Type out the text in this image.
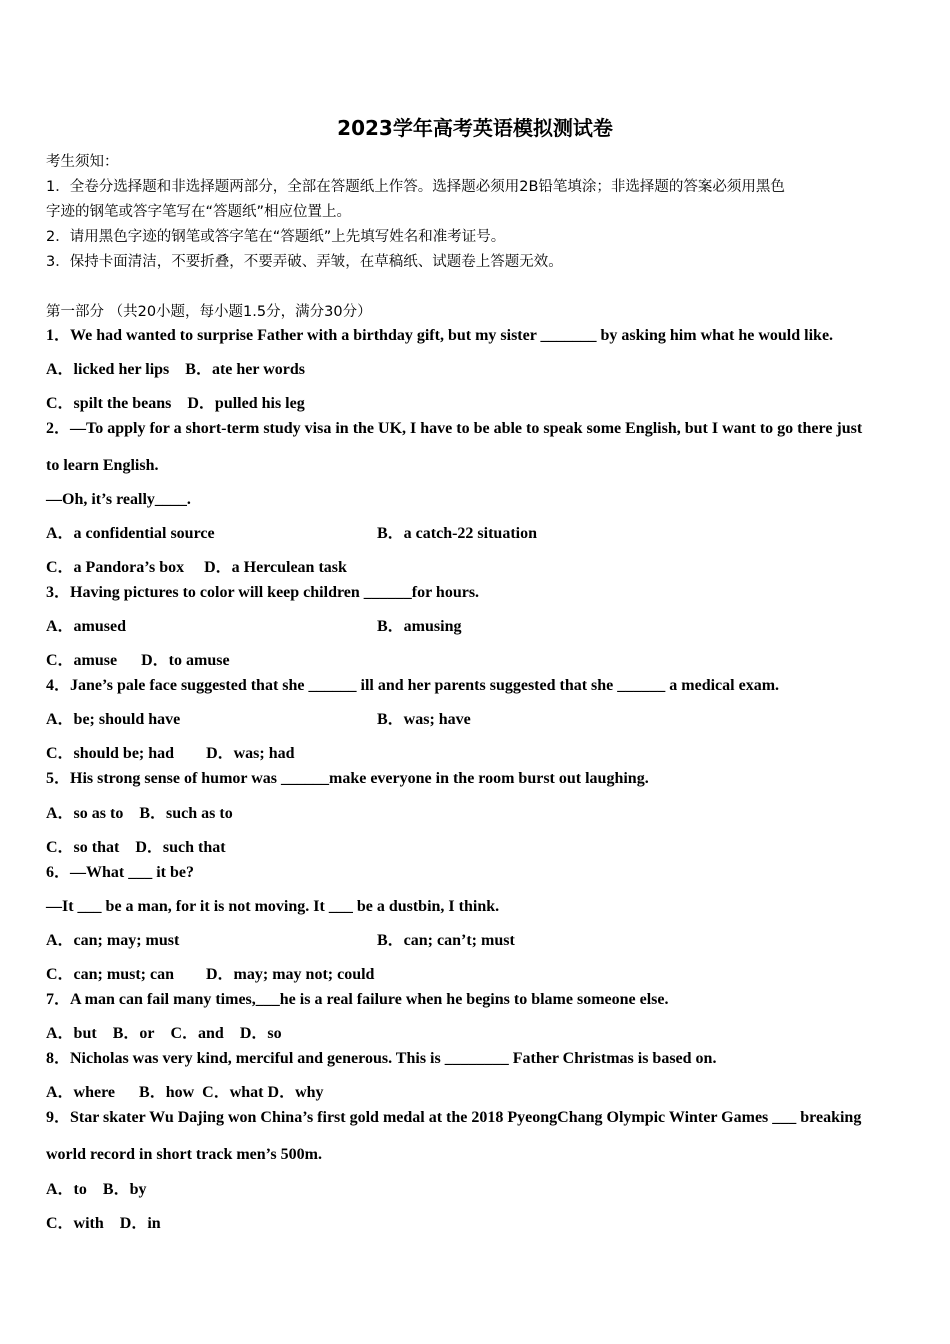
2023学年高考英语模拟测试卷
考生须知：
1．全卷分选择题和非选择题两部分，全部在答题纸上作答。选择题必须用2B铅笔填涂；非选择题的答案必须用黑色
字迹的钢笔或答字笔写在“答题纸”相应位置上。
2．请用黑色字迹的钢笔或答字笔在“答题纸”上先填写姓名和准考证号。
3．保持卡面清洁，不要折叠，不要弄破、弄皱，在草稿纸、试题卷上答题无效。
第一部分 （共20小题，每小题1.5分，满分30分）
1．We had wanted to surprise Father with a birthday gift, but my sister _______ by asking him what he would like.
A．licked her lips B．ate her words
C．spilt the beans D．pulled his leg
2．—To apply for a short-term study visa in the UK, I have to be able to speak some English, but I want to go there just
to learn English.
—Oh, it’s really____.
A．a confidential source	B．a catch-22 situation
C．a Pandora’s box D．a Herculean task
3．Having pictures to color will keep children ______for hours.
A．amused	B．amusing
C．amuse D．to amuse
4．Jane’s pale face suggested that she ______ ill and her parents suggested that she ______ a medical exam.
A．be; should have	B．was; have
C．should be; had D．was; had
5．His strong sense of humor was ______make everyone in the room burst out laughing.
A．so as to B．such as to
C．so that D．such that
6．—What ___ it be?
—It ___ be a man, for it is not moving. It ___ be a dustbin, I think.
A．can; may; must	B．can; can’t; must
C．can; must; can D．may; may not; could
7．A man can fail many times,___he is a real failure when he begins to blame someone else.
A．but B．or C．and D．so
8．Nicholas was very kind, merciful and generous. This is ________ Father Christmas is based on.
A．where B．how C．what D．why
9．Star skater Wu Dajing won China’s first gold medal at the 2018 PyeongChang Olympic Winter Games ___ breaking
world record in short track men’s 500m.
A．to B．by
C．with D．in
